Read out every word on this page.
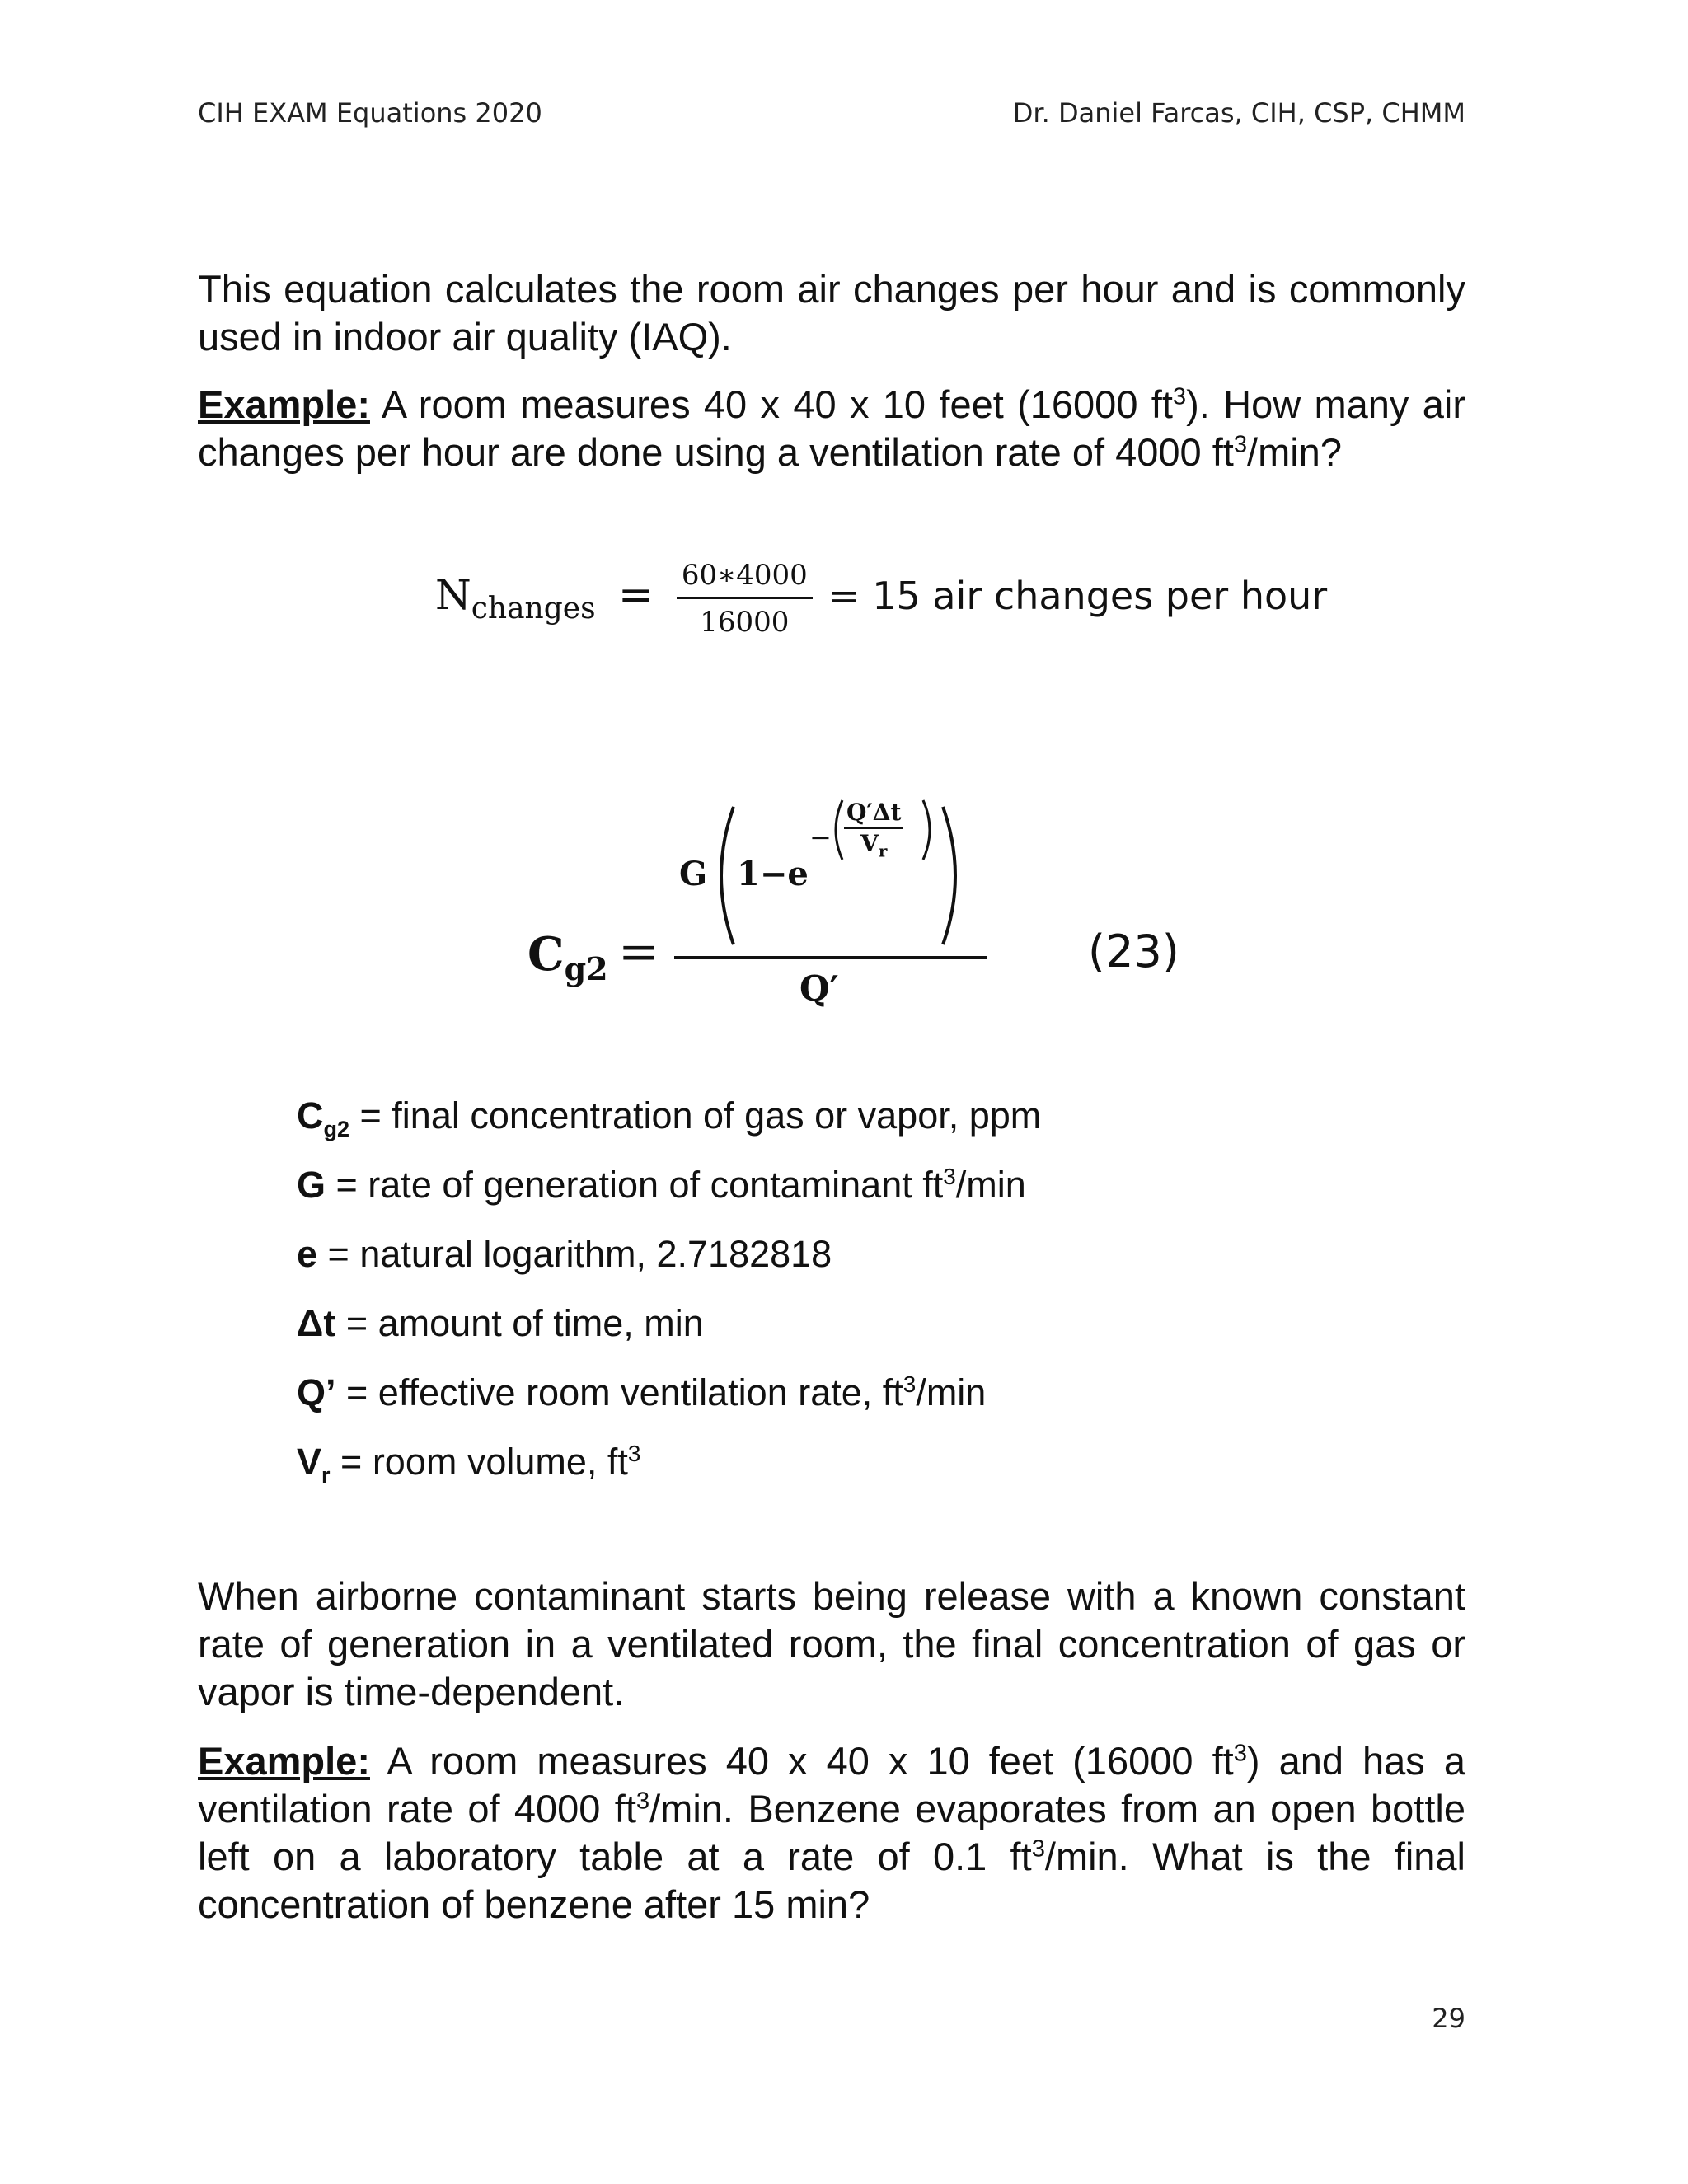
CIH EXAM Equations 2020	Dr. Daniel Farcas, CIH, CSP, CHMM
This equation calculates the room air changes per hour and is commonly used in indoor air quality (IAQ).
Example: A room measures 40 x 40 x 10 feet (16000 $ft^3$). How many air changes per hour are done using a ventilation rate of 4000 $ft^3/\min$?
$N_{changes} = \frac{60∗4000}{16000} = 15$ air changes per hour
$C_{g2}$ =
G 1−e
−
Q′Δt
$V_r$
Q′
(23)
$C_{g2}$ = final concentration of gas or vapor, ppm
G = rate of generation of contaminant $ft^3/\min$
e = natural logarithm, 2.7182818
Δt = amount of time, min
Q’ = effective room ventilation rate, $ft^3/\min$
$V_r$ = room volume, $ft^3$
When airborne contaminant starts being release with a known constant rate of generation in a ventilated room, the final concentration of gas or vapor is time-dependent.
Example: A room measures 40 x 40 x 10 feet (16000 $ft^3$) and has a ventilation rate of 4000 $ft^3/\min$. Benzene evaporates from an open bottle left on a laboratory table at a rate of 0.1 $ft^3/\min$. What is the final concentration of benzene after 15 min?
29
